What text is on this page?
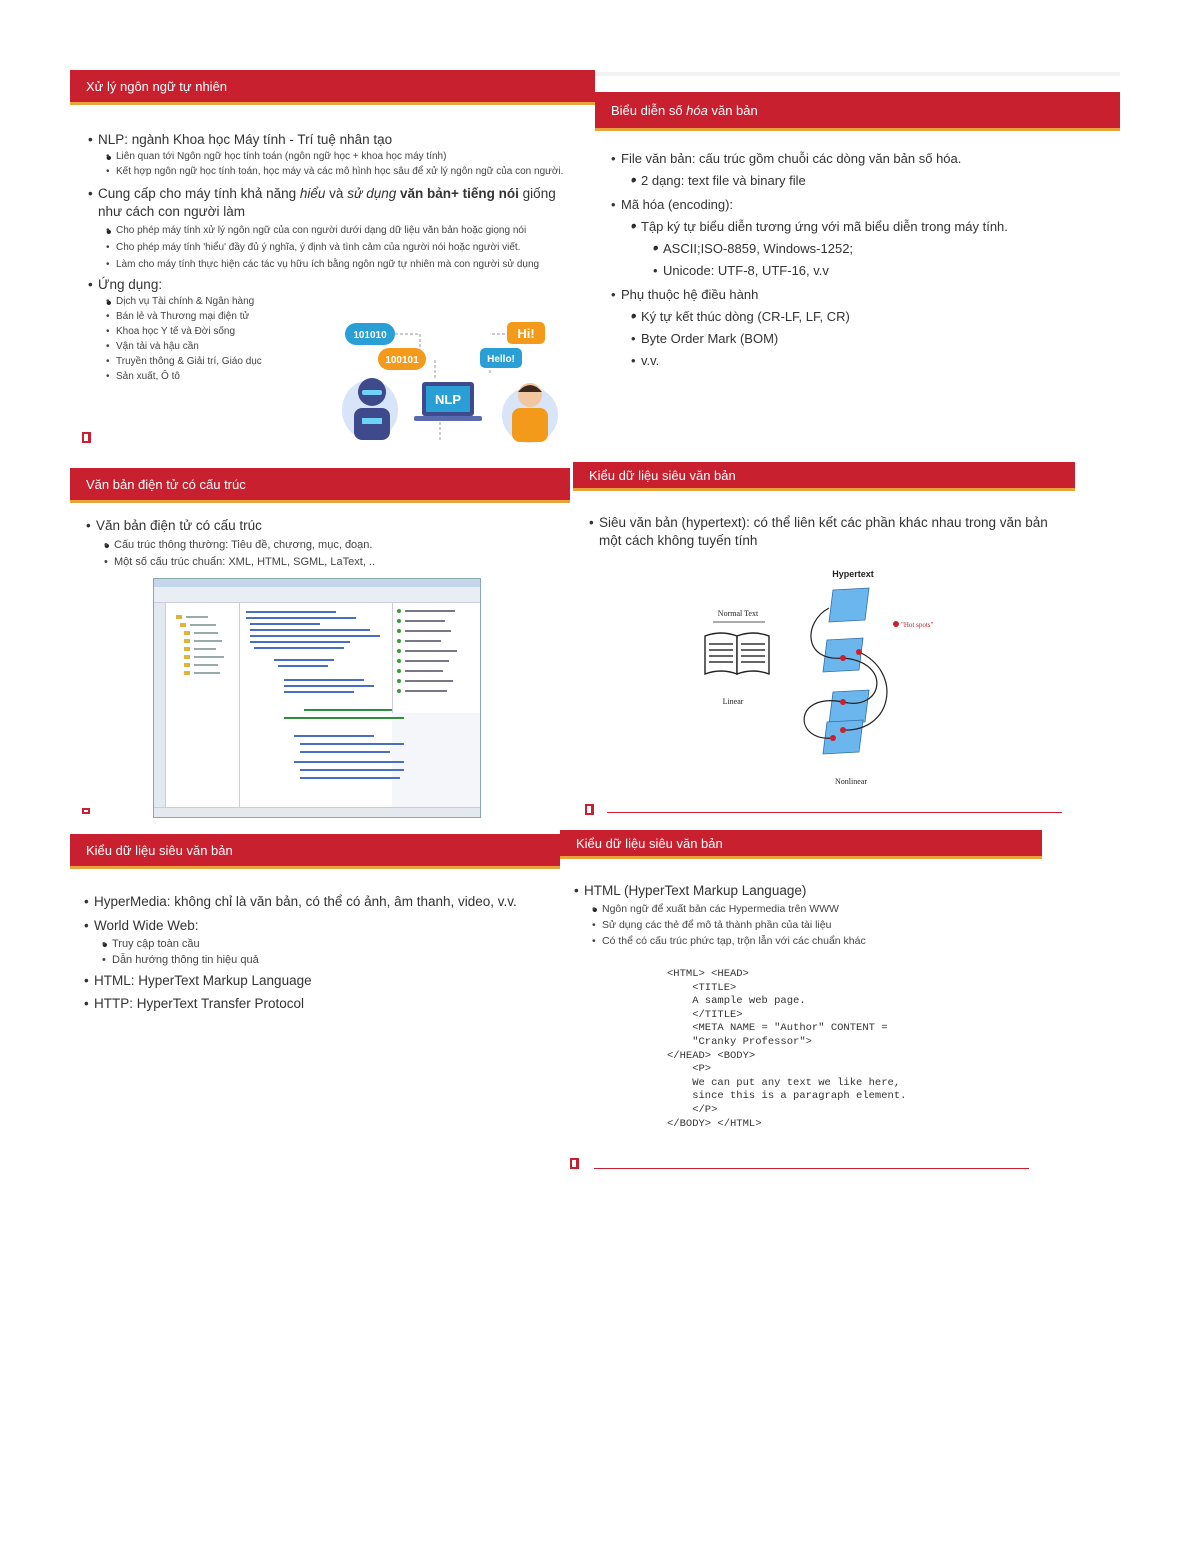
Xử lý ngôn ngữ tự nhiên
• NLP: ngành Khoa học Máy tính - Trí tuệ nhân tạo
• • Liên quan tới Ngôn ngữ học tính toán (ngôn ngữ học + khoa học máy tính)
• Kết hợp ngôn ngữ học tính toán, học máy và các mô hình học sâu để xử lý ngôn ngữ của con người.
• Cung cấp cho máy tính khả năng hiểu và sử dụng văn bản+ tiếng nói giống như cách con người làm
• • Cho phép máy tính xử lý ngôn ngữ của con người dưới dạng dữ liệu văn bản hoặc giọng nói
• Cho phép máy tính 'hiểu' đầy đủ ý nghĩa, ý định và tình cảm của người nói hoặc người viết.
• Làm cho máy tính thực hiện các tác vụ hữu ích bằng ngôn ngữ tự nhiên mà con người sử dụng
• Ứng dụng:
• • Dịch vụ Tài chính & Ngân hàng
• Bán lẻ và Thương mại điện tử
• Khoa học Y tế và Đời sống
• Vận tải và hậu cần
• Truyền thông & Giải trí, Giáo dục
• Sản xuất, Ô tô
101010
100101
Hi!
Hello!
NLP
Biểu diễn số hóa văn bản
• File văn bản: cấu trúc gồm chuỗi các dòng văn bản số hóa.
• • 2 dạng: text file và binary file
• Mã hóa (encoding):
• • Tập ký tự biểu diễn tương ứng với mã biểu diễn trong máy tính.
• • ASCII;ISO-8859, Windows-1252;
• Unicode: UTF-8, UTF-16, v.v
• Phụ thuộc hệ điều hành
• • Ký tự kết thúc dòng (CR-LF, LF, CR)
• Byte Order Mark (BOM)
• v.v.
Văn bản điện tử có cấu trúc
• Văn bản điện tử có cấu trúc
• • Cấu trúc thông thường: Tiêu đề, chương, mục, đoạn.
• Một số cấu trúc chuẩn: XML, HTML, SGML, LaText, ..
Kiểu dữ liệu siêu văn bản
• Siêu văn bản (hypertext): có thể liên kết các phần khác nhau trong văn bản một cách không tuyến tính
Hypertext
Normal Text
Linear
"Hot spots"
Nonlinear
Kiểu dữ liệu siêu văn bản
• HyperMedia: không chỉ là văn bản, có thể có ảnh, âm thanh, video, v.v.
• World Wide Web:
• • Truy cập toàn cầu
• Dẫn hướng thông tin hiệu quả
• HTML: HyperText Markup Language
• HTTP: HyperText Transfer Protocol
Kiểu dữ liệu siêu văn bản
• HTML (HyperText Markup Language)
• • Ngôn ngữ để xuất bản các Hypermedia trên WWW
• Sử dụng các thẻ để mô tả thành phần của tài liệu
• Có thể có cấu trúc phức tạp, trộn lẫn với các chuẩn khác
<HTML> <HEAD>
<TITLE>
A sample web page.
</TITLE>
<META NAME = "Author" CONTENT =
"Cranky Professor">
</HEAD> <BODY>
<P>
We can put any text we like here,
since this is a paragraph element.
</P>
</BODY> </HTML>
